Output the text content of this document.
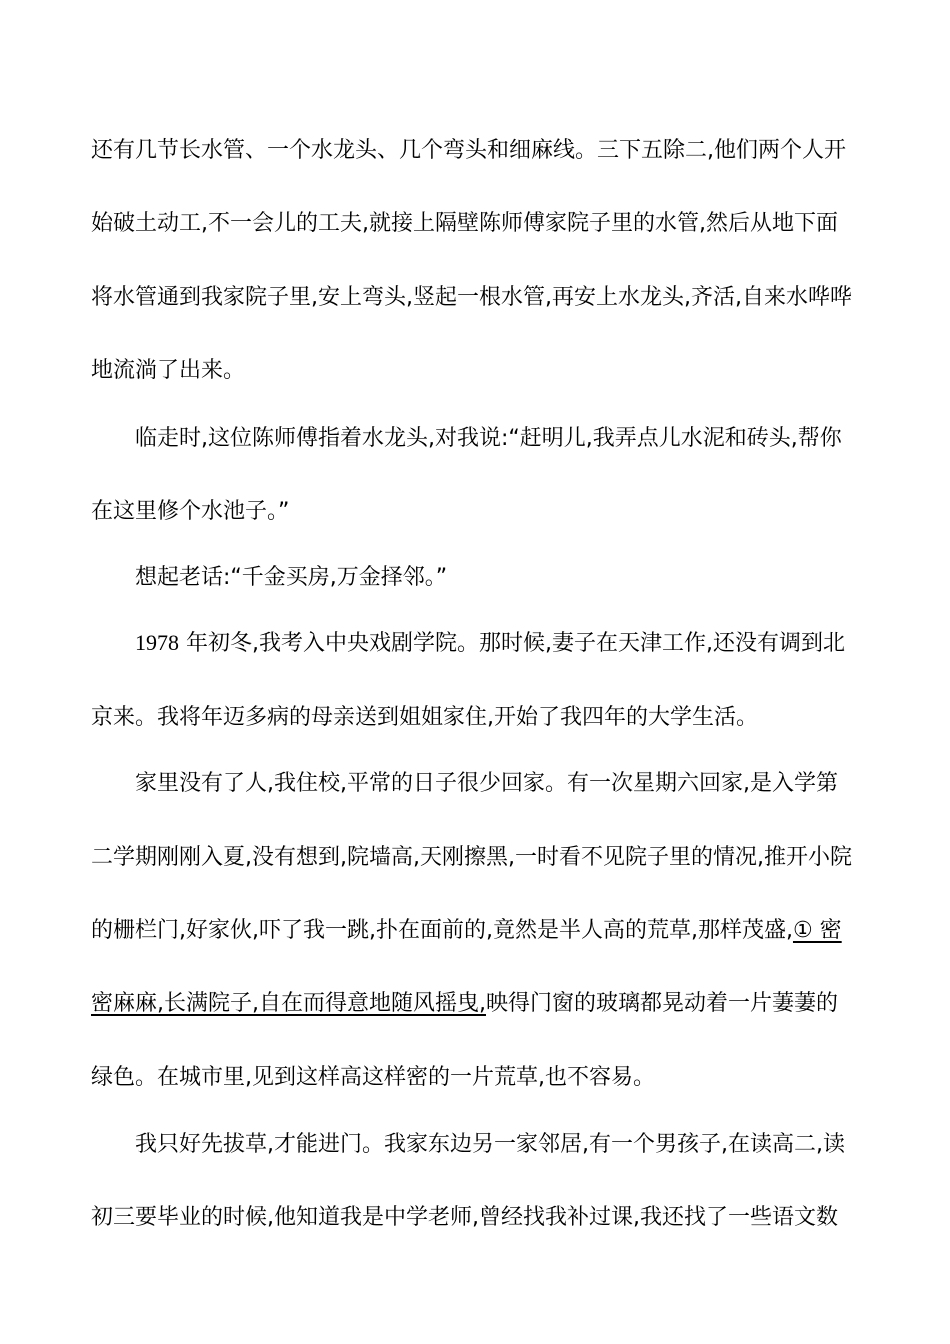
还有几节长水管、一个水龙头、几个弯头和细麻线。三下五除二,他们两个人开
始破土动工,不一会儿的工夫,就接上隔壁陈师傅家院子里的水管,然后从地下面
将水管通到我家院子里,安上弯头,竖起一根水管,再安上水龙头,齐活,自来水哗哗
地流淌了出来。
临走时,这位陈师傅指着水龙头,对我说:“赶明儿,我弄点儿水泥和砖头,帮你
在这里修个水池子。”
想起老话:“千金买房,万金择邻。”
1978 年初冬,我考入中央戏剧学院。那时候,妻子在天津工作,还没有调到北
京来。我将年迈多病的母亲送到姐姐家住,开始了我四年的大学生活。
家里没有了人,我住校,平常的日子很少回家。有一次星期六回家,是入学第
二学期刚刚入夏,没有想到,院墙高,天刚擦黑,一时看不见院子里的情况,推开小院
的栅栏门,好家伙,吓了我一跳,扑在面前的,竟然是半人高的荒草,那样茂盛,① 密
密麻麻,长满院子,自在而得意地随风摇曳,映得门窗的玻璃都晃动着一片萋萋的
绿色。在城市里,见到这样高这样密的一片荒草,也不容易。
我只好先拔草,才能进门。我家东边另一家邻居,有一个男孩子,在读高二,读
初三要毕业的时候,他知道我是中学老师,曾经找我补过课,我还找了一些语文数
